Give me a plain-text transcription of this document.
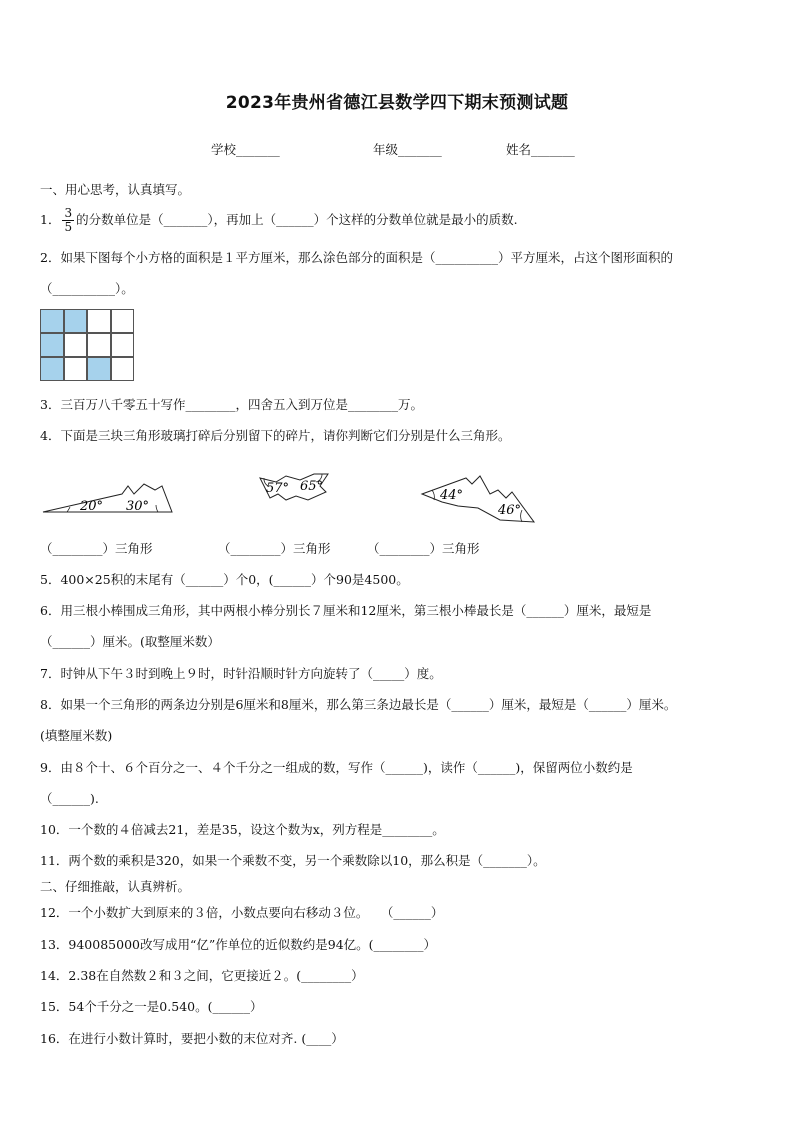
2023年贵州省德江县数学四下期末预测试题
学校_______	年级_______	姓名_______
一、用心思考，认真填写。
1． $\frac{3}{5}$ 的分数单位是（_______），再加上（______）个这样的分数单位就是最小的质数.
2．如果下图每个小方格的面积是１平方厘米，那么涂色部分的面积是（__________）平方厘米，占这个图形面积的
（__________）。
3．三百万八千零五十写作________，四舍五入到万位是________万。
4．下面是三块三角形玻璃打碎后分别留下的碎片，请你判断它们分别是什么三角形。
20° 30°
57° 65°
44°
46°
（________）三角形	（________）三角形	（________）三角形
5．400×25积的末尾有（______）个0，(______）个90是4500。
6．用三根小棒围成三角形，其中两根小棒分别长７厘米和12厘米，第三根小棒最长是（______）厘米，最短是
（______）厘米。(取整厘米数）
7．时钟从下午３时到晚上９时，时针沿顺时针方向旋转了（_____）度。
8．如果一个三角形的两条边分别是6厘米和8厘米，那么第三条边最长是（______）厘米，最短是（______）厘米。
(填整厘米数)
9．由８个十、６个百分之一、４个千分之一组成的数，写作（______)，读作（______)，保留两位小数约是
（______).
10．一个数的４倍减去21，差是35，设这个数为x，列方程是________。
11．两个数的乘积是320，如果一个乘数不变，另一个乘数除以10，那么积是（_______）。
二、仔细推敲，认真辨析。
12．一个小数扩大到原来的３倍，小数点要向右移动３位。　　（______）
13．940085000改写成用“亿”作单位的近似数约是94亿。(________）
14．2.38在自然数２和３之间，它更接近２。(________）
15．54个千分之一是0.540。(______）
16．在进行小数计算时，要把小数的末位对齐. (____）
